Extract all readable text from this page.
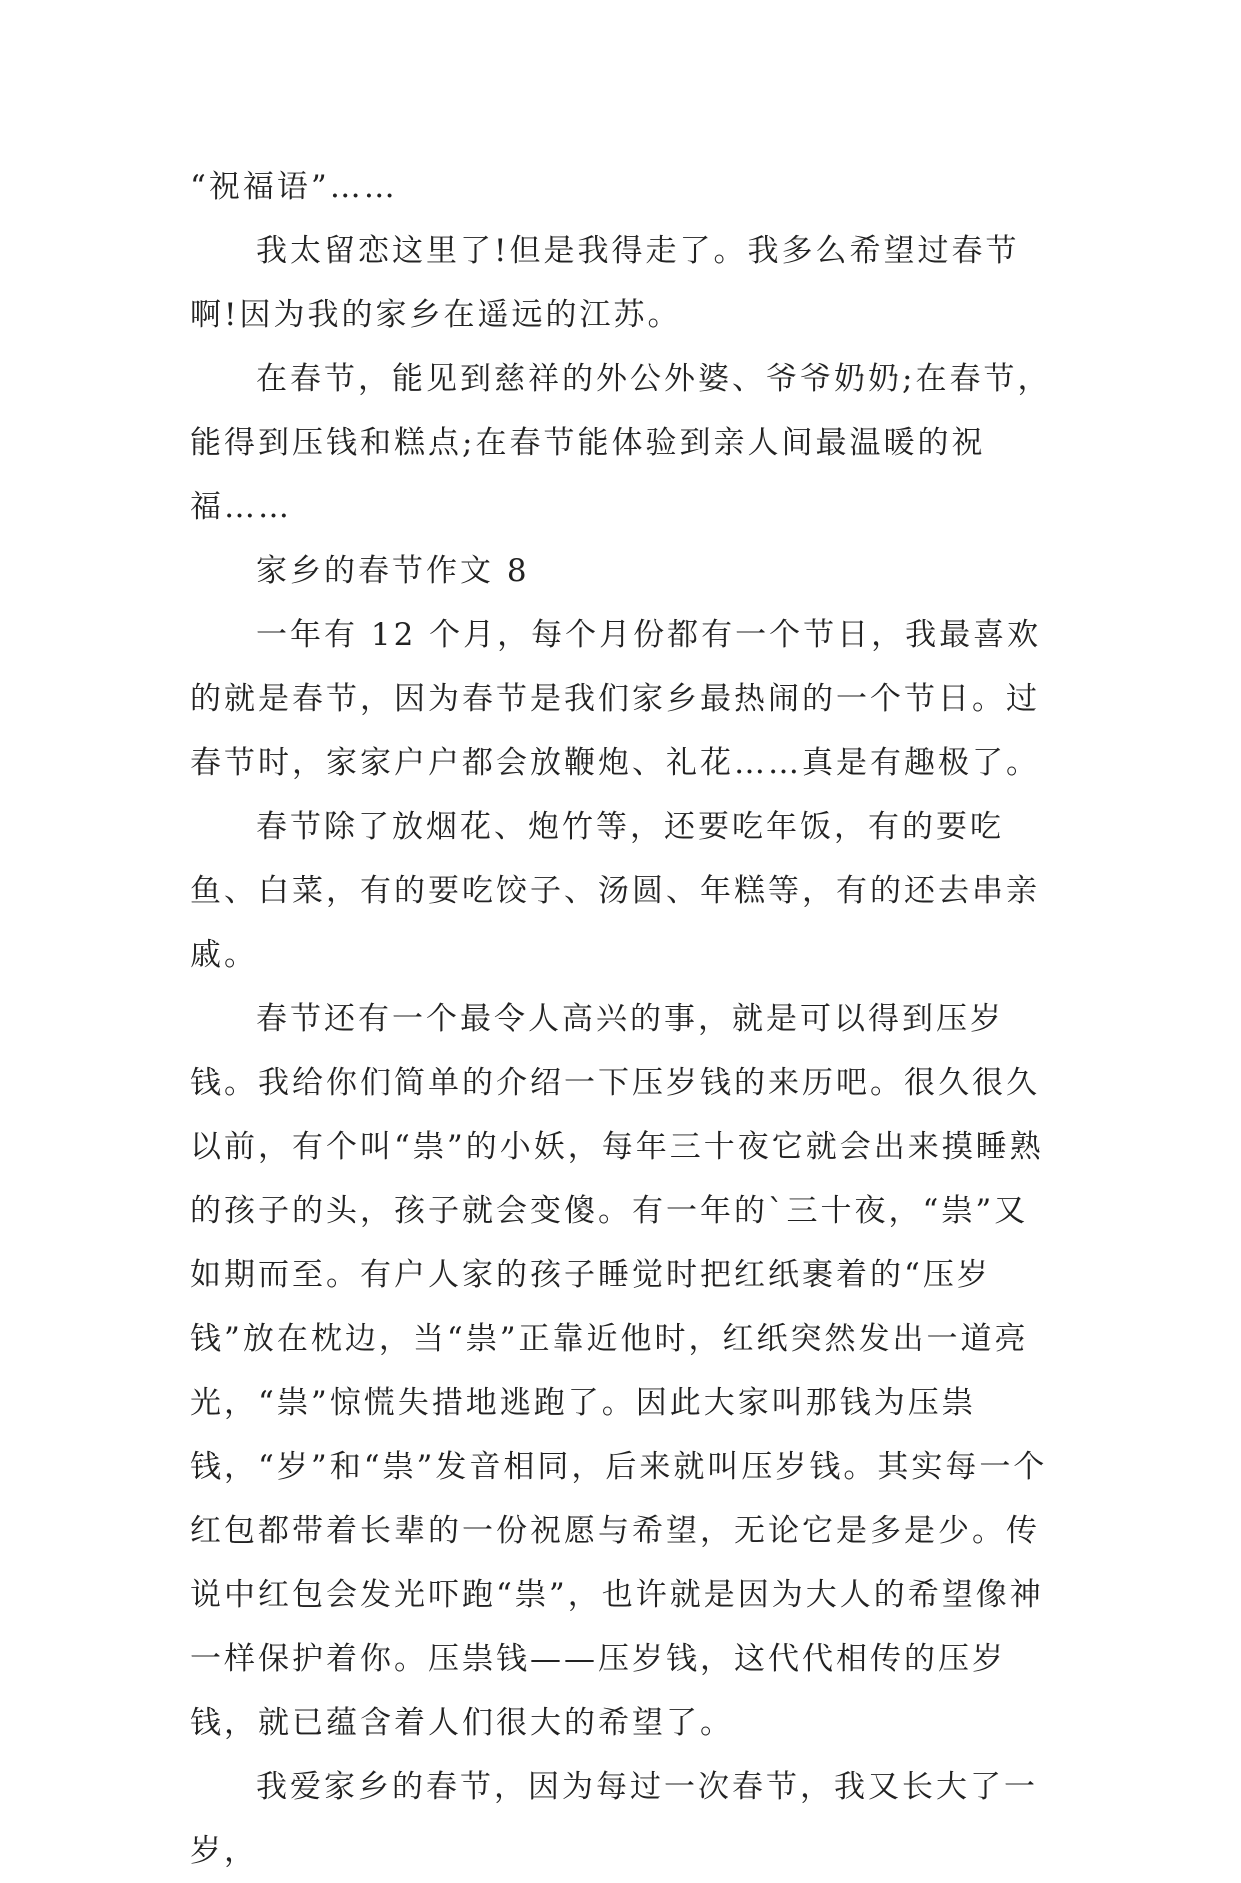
“祝福语”……

我太留恋这里了!但是我得走了。我多么希望过春节啊!因为我的家乡在遥远的江苏。

在春节，能见到慈祥的外公外婆、爷爷奶奶;在春节，能得到压钱和糕点;在春节能体验到亲人间最温暖的祝福……

家乡的春节作文 8

一年有 12 个月，每个月份都有一个节日，我最喜欢的就是春节，因为春节是我们家乡最热闹的一个节日。过春节时，家家户户都会放鞭炮、礼花……真是有趣极了。

春节除了放烟花、炮竹等，还要吃年饭，有的要吃鱼、白菜，有的要吃饺子、汤圆、年糕等，有的还去串亲戚。

春节还有一个最令人高兴的事，就是可以得到压岁钱。我给你们简单的介绍一下压岁钱的来历吧。很久很久以前，有个叫“祟”的小妖，每年三十夜它就会出来摸睡熟的孩子的头，孩子就会变傻。有一年的`三十夜，“祟”又如期而至。有户人家的孩子睡觉时把红纸裹着的“压岁钱”放在枕边，当“祟”正靠近他时，红纸突然发出一道亮光，“祟”惊慌失措地逃跑了。因此大家叫那钱为压祟钱，“岁”和“祟”发音相同，后来就叫压岁钱。其实每一个红包都带着长辈的一份祝愿与希望，无论它是多是少。传说中红包会发光吓跑“祟”，也许就是因为大人的希望像神一样保护着你。压祟钱——压岁钱，这代代相传的压岁钱，就已蕴含着人们很大的希望了。

我爱家乡的春节，因为每过一次春节，我又长大了一岁，
